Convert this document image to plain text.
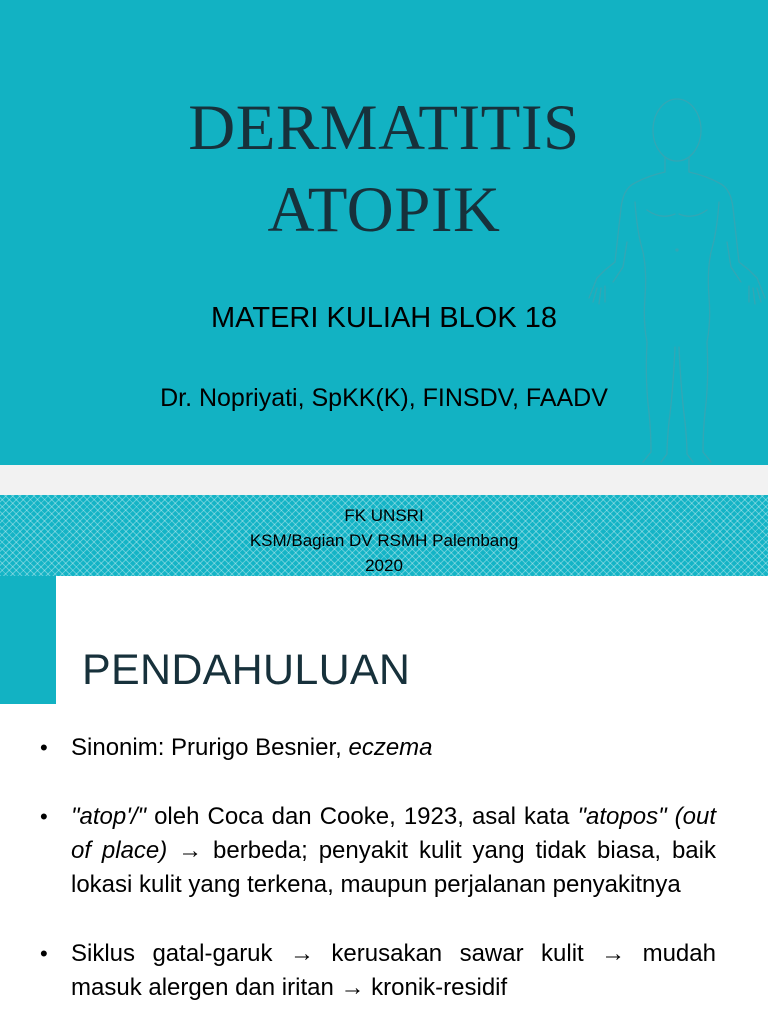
DERMATITIS
ATOPIK
MATERI KULIAH BLOK 18
Dr. Nopriyati, SpKK(K), FINSDV, FAADV
FK UNSRI
KSM/Bagian DV RSMH Palembang
2020
PENDAHULUAN
• Sinonim: Prurigo Besnier, eczema
• "atop'/" oleh Coca dan Cooke, 1923, asal kata "atopos" (out of place) → berbeda; penyakit kulit yang tidak biasa, baik lokasi kulit yang terkena, maupun perjalanan penyakitnya
• Siklus gatal-garuk → kerusakan sawar kulit → mudah masuk alergen dan iritan → kronik-residif
